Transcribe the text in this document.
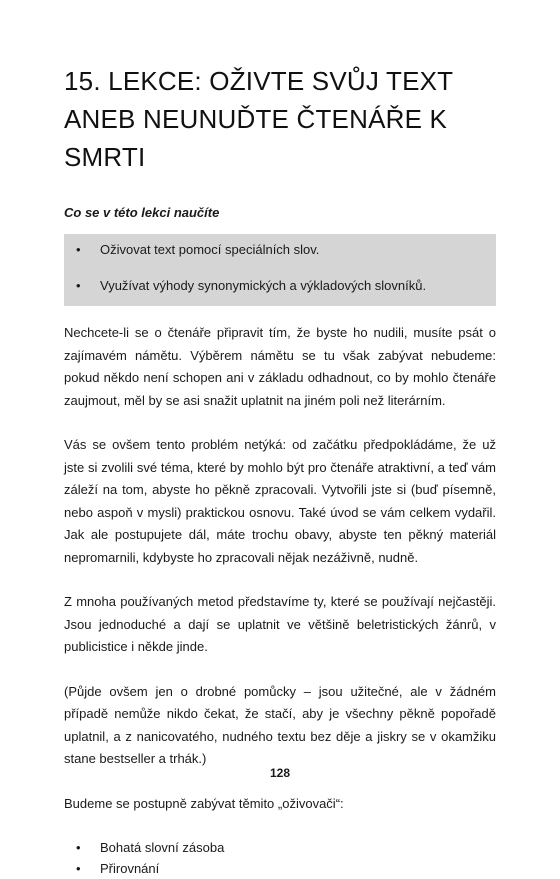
15. LEKCE: OŽIVTE SVŮJ TEXT
ANEB NEUNUĎTE ČTENÁŘE K SMRTI

Co se v této lekci naučíte

• Oživovat text pomocí speciálních slov.
• Využívat výhody synonymických a výkladových slovníků.

Nechcete-li se o čtenáře připravit tím, že byste ho nudili, musíte psát o zajímavém námětu. Výběrem námětu se tu však zabývat nebudeme: pokud někdo není schopen ani v základu odhadnout, co by mohlo čtenáře zaujmout, měl by se asi snažit uplatnit na jiném poli než literárním.

Vás se ovšem tento problém netýká: od začátku předpokládáme, že už jste si zvolili své téma, které by mohlo být pro čtenáře atraktivní, a teď vám záleží na tom, abyste ho pěkně zpracovali. Vytvořili jste si (buď písemně, nebo aspoň v mysli) praktickou osnovu. Také úvod se vám celkem vydařil. Jak ale postupujete dál, máte trochu obavy, abyste ten pěkný materiál nepromarnili, kdybyste ho zpracovali nějak nezáživně, nudně.

Z mnoha používaných metod představíme ty, které se používají nejčastěji. Jsou jednoduché a dají se uplatnit ve většině beletristických žánrů, v publicistice i někde jinde.

(Půjde ovšem jen o drobné pomůcky – jsou užitečné, ale v žádném případě nemůže nikdo čekat, že stačí, aby je všechny pěkně popořadě uplatnil, a z nanicovatého, nudného textu bez děje a jiskry se v okamžiku stane bestseller a trhák.)

Budeme se postupně zabývat těmito „oživovači“:

• Bohatá slovní zásoba
• Přirovnání
128
